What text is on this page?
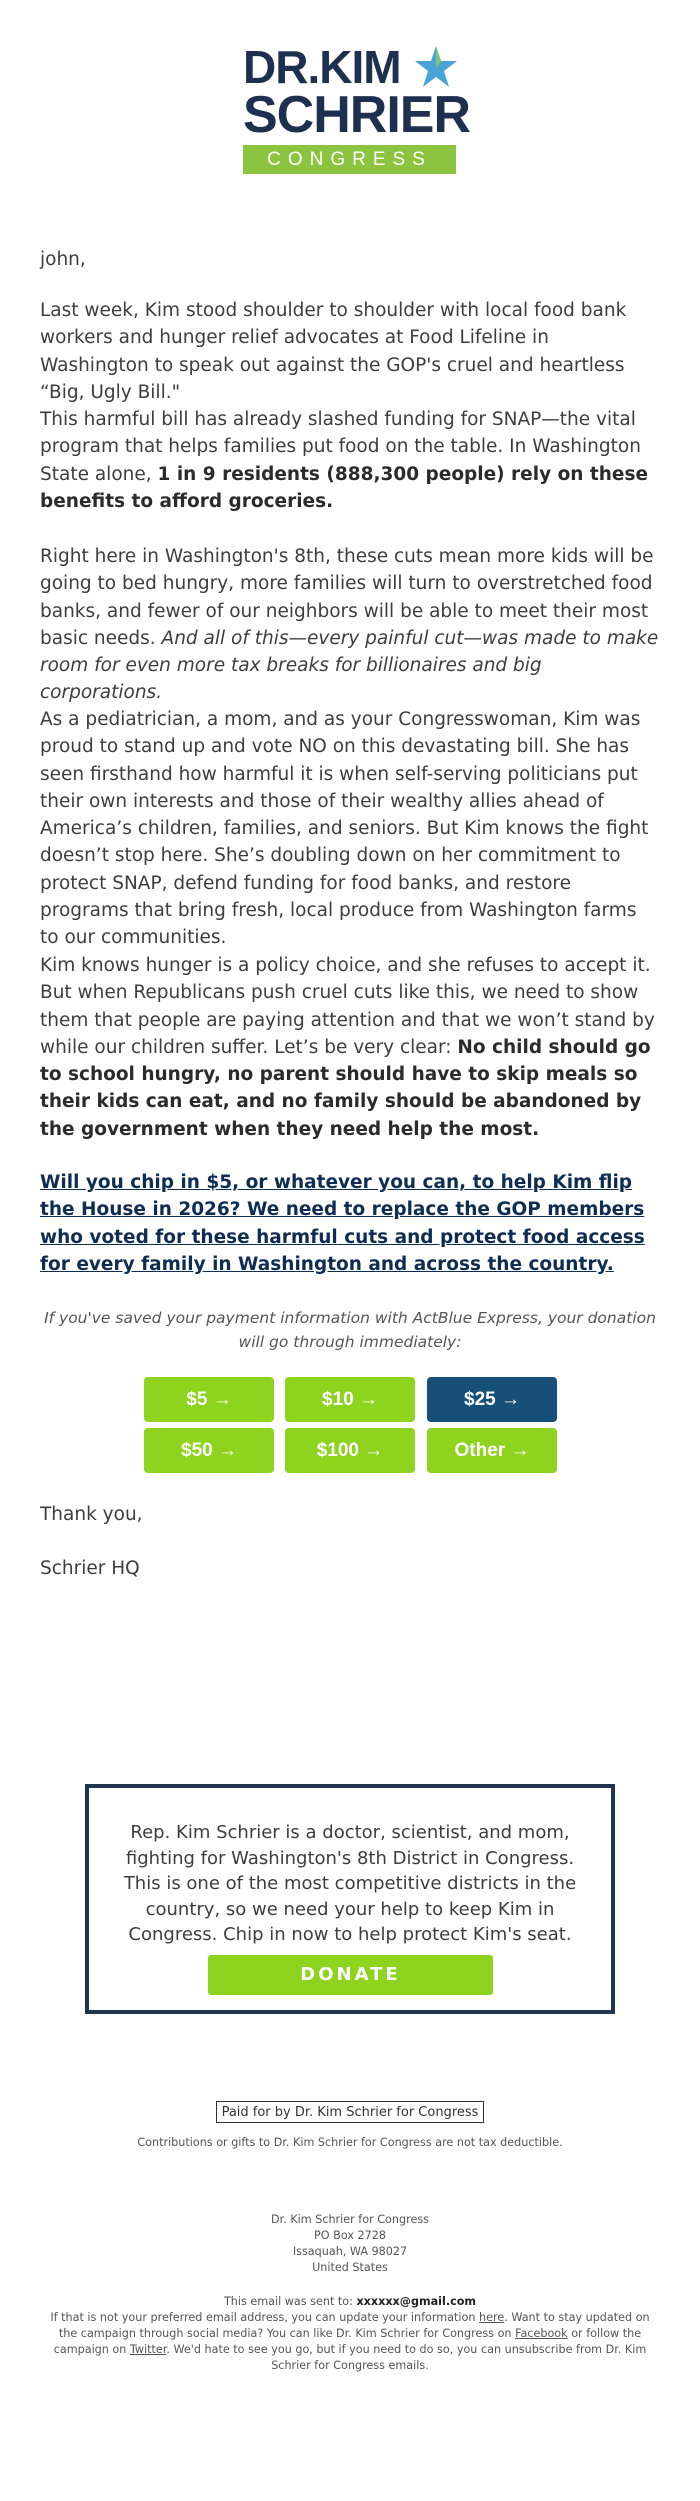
DR.KIM
SCHRIER
CONGRESS

john,

Last week, Kim stood shoulder to shoulder with local food bank workers and hunger relief advocates at Food Lifeline in Washington to speak out against the GOP's cruel and heartless “Big, Ugly Bill."

This harmful bill has already slashed funding for SNAP—the vital program that helps families put food on the table. In Washington State alone, 1 in 9 residents (888,300 people) rely on these benefits to afford groceries.

Right here in Washington's 8th, these cuts mean more kids will be going to bed hungry, more families will turn to overstretched food banks, and fewer of our neighbors will be able to meet their most basic needs. And all of this—every painful cut—was made to make room for even more tax breaks for billionaires and big corporations.

As a pediatrician, a mom, and as your Congresswoman, Kim was proud to stand up and vote NO on this devastating bill. She has seen firsthand how harmful it is when self-serving politicians put their own interests and those of their wealthy allies ahead of America’s children, families, and seniors. But Kim knows the fight doesn’t stop here. She’s doubling down on her commitment to protect SNAP, defend funding for food banks, and restore programs that bring fresh, local produce from Washington farms to our communities.

Kim knows hunger is a policy choice, and she refuses to accept it. But when Republicans push cruel cuts like this, we need to show them that people are paying attention and that we won’t stand by while our children suffer. Let’s be very clear: No child should go to school hungry, no parent should have to skip meals so their kids can eat, and no family should be abandoned by the government when they need help the most.

Will you chip in $5, or whatever you can, to help Kim flip the House in 2026? We need to replace the GOP members who voted for these harmful cuts and protect food access for every family in Washington and across the country.

If you've saved your payment information with ActBlue Express, your donation will go through immediately:
$5 →	$10 →	$25 →
$50 →	$100 →	Other →

Thank you,

Schrier HQ

Rep. Kim Schrier is a doctor, scientist, and mom, fighting for Washington's 8th District in Congress. This is one of the most competitive districts in the country, so we need your help to keep Kim in Congress. Chip in now to help protect Kim's seat.
DONATE
Paid for by Dr. Kim Schrier for Congress
Contributions or gifts to Dr. Kim Schrier for Congress are not tax deductible.
Dr. Kim Schrier for Congress
PO Box 2728
Issaquah, WA 98027
United States
This email was sent to: xxxxxx@gmail.com
If that is not your preferred email address, you can update your information here. Want to stay updated on the campaign through social media? You can like Dr. Kim Schrier for Congress on Facebook or follow the campaign on Twitter. We'd hate to see you go, but if you need to do so, you can unsubscribe from Dr. Kim Schrier for Congress emails.
